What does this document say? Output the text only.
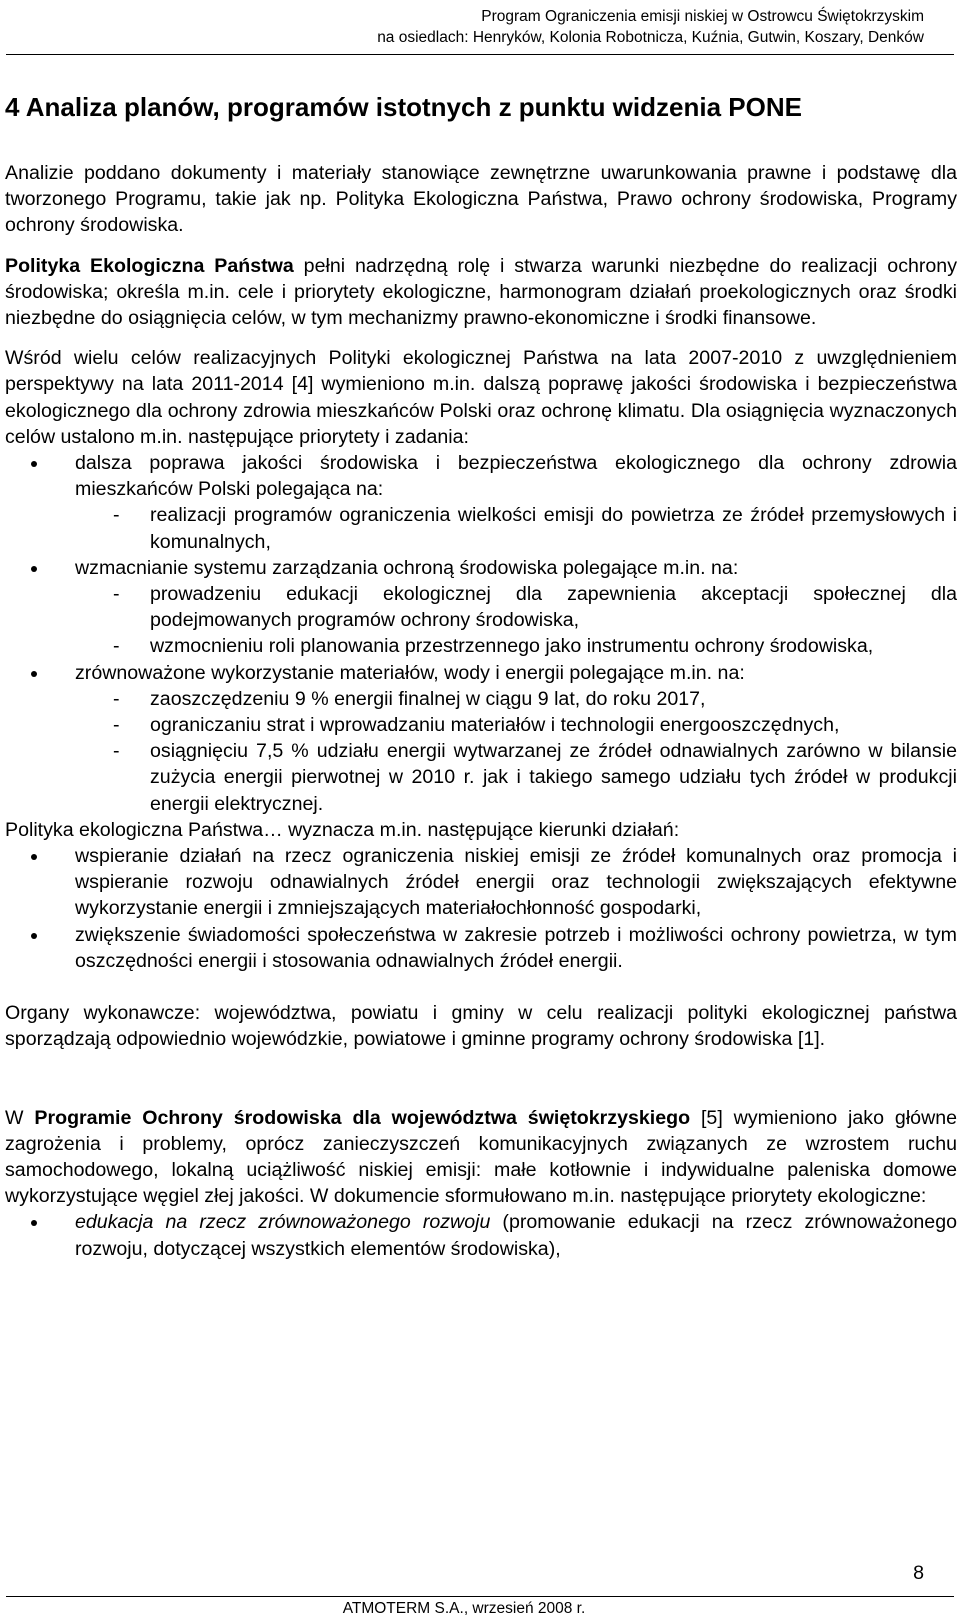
Program Ograniczenia emisji niskiej w Ostrowcu Świętokrzyskim
na osiedlach: Henryków, Kolonia Robotnicza, Kuźnia, Gutwin, Koszary, Denków
4 Analiza planów, programów istotnych z punktu widzenia PONE

Analizie poddano dokumenty i materiały stanowiące zewnętrzne uwarunkowania prawne i podstawę dla tworzonego Programu, takie jak np. Polityka Ekologiczna Państwa, Prawo ochrony środowiska, Programy ochrony środowiska.

Polityka Ekologiczna Państwa pełni nadrzędną rolę i stwarza warunki niezbędne do realizacji ochrony środowiska; określa m.in. cele i priorytety ekologiczne, harmonogram działań proekologicznych oraz środki niezbędne do osiągnięcia celów, w tym mechanizmy prawno-ekonomiczne i środki finansowe.

Wśród wielu celów realizacyjnych Polityki ekologicznej Państwa na lata 2007-2010 z uwzględnieniem perspektywy na lata 2011-2014 [4] wymieniono m.in. dalszą poprawę jakości środowiska i bezpieczeństwa ekologicznego dla ochrony zdrowia mieszkańców Polski oraz ochronę klimatu. Dla osiągnięcia wyznaczonych celów ustalono m.in. następujące priorytety i zadania:

dalsza poprawa jakości środowiska i bezpieczeństwa ekologicznego dla ochrony zdrowia mieszkańców Polski polegająca na:

- realizacji programów ograniczenia wielkości emisji do powietrza ze źródeł przemysłowych i komunalnych,

wzmacnianie systemu zarządzania ochroną środowiska polegające m.in. na:

- prowadzeniu edukacji ekologicznej dla zapewnienia akceptacji społecznej dla podejmowanych programów ochrony środowiska,

- wzmocnieniu roli planowania przestrzennego jako instrumentu ochrony środowiska,

zrównoważone wykorzystanie materiałów, wody i energii polegające m.in. na:

- zaoszczędzeniu 9 % energii finalnej w ciągu 9 lat, do roku 2017,

- ograniczaniu strat i wprowadzaniu materiałów i technologii energooszczędnych,

- osiągnięciu 7,5 % udziału energii wytwarzanej ze źródeł odnawialnych zarówno w bilansie zużycia energii pierwotnej w 2010 r. jak i takiego samego udziału tych źródeł w produkcji energii elektrycznej.

Polityka ekologiczna Państwa… wyznacza m.in. następujące kierunki działań:

wspieranie działań na rzecz ograniczenia niskiej emisji ze źródeł komunalnych oraz promocja i wspieranie rozwoju odnawialnych źródeł energii oraz technologii zwiększających efektywne wykorzystanie energii i zmniejszających materiałochłonność gospodarki,

zwiększenie świadomości społeczeństwa w zakresie potrzeb i możliwości ochrony powietrza, w tym oszczędności energii i stosowania odnawialnych źródeł energii.

Organy wykonawcze: województwa, powiatu i gminy w celu realizacji polityki ekologicznej państwa sporządzają odpowiednio wojewódzkie, powiatowe i gminne programy ochrony środowiska [1].

W Programie Ochrony środowiska dla województwa świętokrzyskiego [5] wymieniono jako główne zagrożenia i problemy, oprócz zanieczyszczeń komunikacyjnych związanych ze wzrostem ruchu samochodowego, lokalną uciążliwość niskiej emisji: małe kotłownie i indywidualne paleniska domowe wykorzystujące węgiel złej jakości. W dokumencie sformułowano m.in. następujące priorytety ekologiczne:

edukacja na rzecz zrównoważonego rozwoju (promowanie edukacji na rzecz zrównoważonego rozwoju, dotyczącej wszystkich elementów środowiska),

8
ATMOTERM S.A., wrzesień 2008 r.
